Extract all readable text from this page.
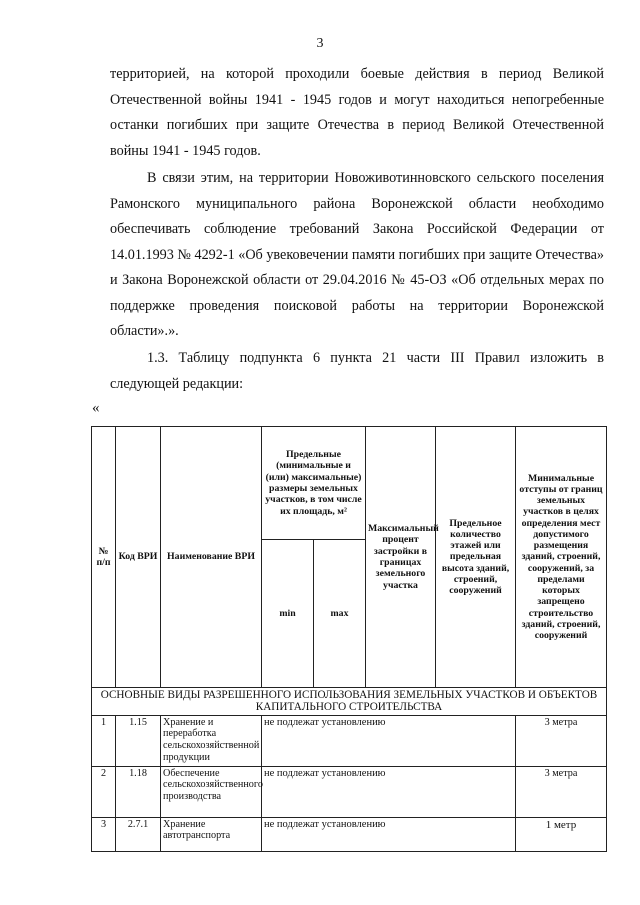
3
территорией, на которой проходили боевые действия в период Великой Отечественной войны 1941 - 1945 годов и могут находиться непогребенные останки погибших при защите Отечества в период Великой Отечественной войны 1941 - 1945 годов.
В связи этим, на территории Новоживотинновского сельского поселения Рамонского муниципального района Воронежской области необходимо обеспечивать соблюдение требований Закона Российской Федерации от 14.01.1993 № 4292-1 «Об увековечении памяти погибших при защите Отечества» и Закона Воронежской области от 29.04.2016 № 45-ОЗ «Об отдельных мерах по поддержке проведения поисковой работы на территории Воронежской области».».
1.3. Таблицу подпункта 6 пункта 21 части III Правил изложить в следующей редакции:
«
№ п/п	Код ВРИ	Наименование ВРИ	Предельные (минимальные и (или) максимальные) размеры земельных участков, в том числе их площадь, м²		Максимальный процент застройки в границах земельного участка	Предельное количество этажей или предельная высота зданий, строений, сооружений	Минимальные отступы от границ земельных участков в целях определения мест допустимого размещения зданий, строений, сооружений, за пределами которых запрещено строительство зданий, строений, сооружений
			min	max			
ОСНОВНЫЕ ВИДЫ РАЗРЕШЕННОГО ИСПОЛЬЗОВАНИЯ ЗЕМЕЛЬНЫХ УЧАСТКОВ И ОБЪЕКТОВ КАПИТАЛЬНОГО СТРОИТЕЛЬСТВА							
1	1.15	Хранение и переработка сельскохозяйственной продукции	не подлежат установлению				3 метра
2	1.18	Обеспечение сельскохозяйственного производства	не подлежат установлению				3 метра
3	2.7.1	Хранение автотранспорта	не подлежат установлению				1 метр
